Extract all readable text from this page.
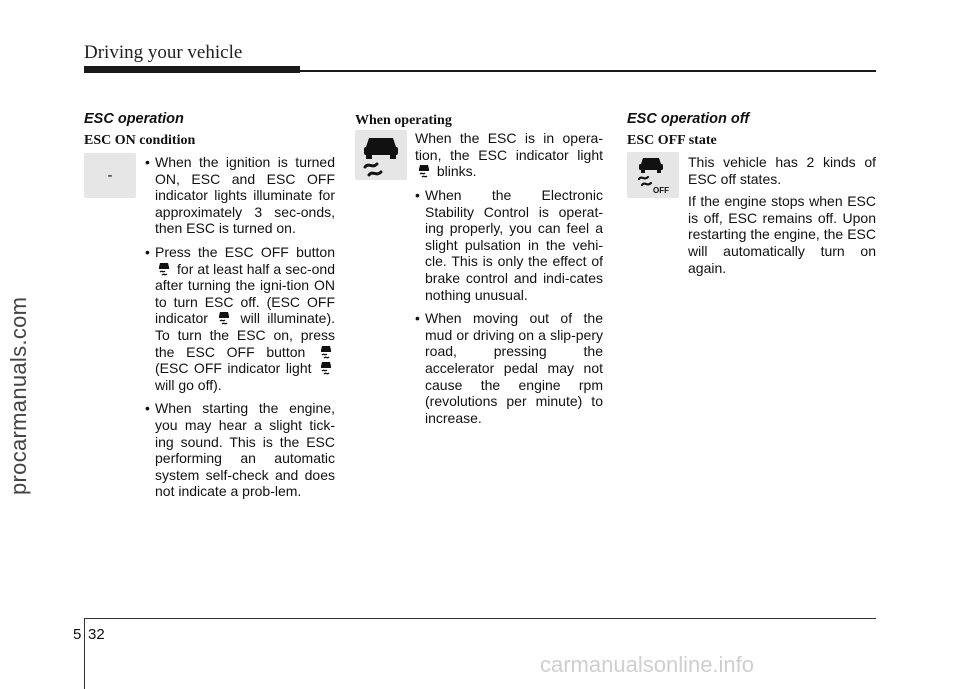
Driving your vehicle
procarmanuals.com
carmanualsonline.info
ESC operation
ESC ON condition
-

• When the ignition is turned ON, ESC and ESC OFF indicator lights illuminate for approximately 3 sec-onds, then ESC is turned on.

• Press the ESC OFF button  for at least half a sec-ond after turning the igni-tion ON to turn ESC off. (ESC OFF indicator will illuminate). To turn the ESC on, press the ESC OFF button  (ESC OFF indicator light  will go off).

• When starting the engine, you may hear a slight tick-ing sound. This is the ESC performing an automatic system self-check and does not indicate a prob-lem.

When operating

When the ESC is in opera-tion, the ESC indicator light  blinks.

• When the Electronic Stability Control is operat-ing properly, you can feel a slight pulsation in the vehi-cle. This is only the effect of brake control and indi-cates nothing unusual.

• When moving out of the mud or driving on a slip-pery road, pressing the accelerator pedal may not cause the engine rpm (revolutions per minute) to increase.

ESC operation off
ESC OFF state
OFF

This vehicle has 2 kinds of ESC off states.

If the engine stops when ESC is off, ESC remains off. Upon restarting the engine, the ESC will automatically turn on again.

5 32
